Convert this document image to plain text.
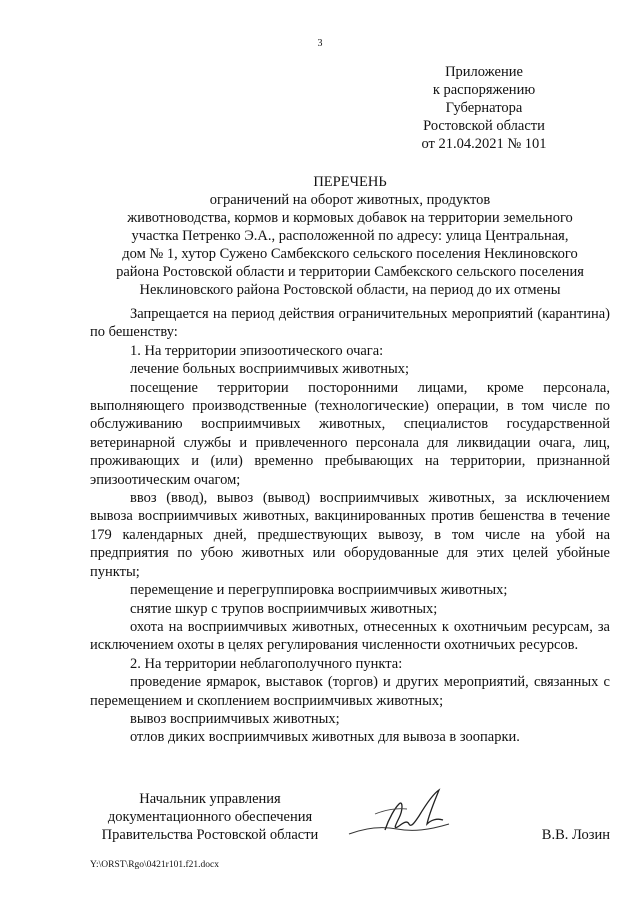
3
Приложение
к распоряжению
Губернатора
Ростовской области
от 21.04.2021 № 101
ПЕРЕЧЕНЬ
ограничений на оборот животных, продуктов
животноводства, кормов и кормовых добавок на территории земельного
участка Петренко Э.А., расположенной по адресу: улица Центральная,
дом № 1, хутор Сужено Самбекского сельского поселения Неклиновского
района Ростовской области и территории Самбекского сельского поселения
Неклиновского района Ростовской области, на период до их отмены

Запрещается на период действия ограничительных мероприятий (карантина) по бешенству:

1. На территории эпизоотического очага:

лечение больных восприимчивых животных;

посещение территории посторонними лицами, кроме персонала, выполняющего производственные (технологические) операции, в том числе по обслуживанию восприимчивых животных, специалистов государственной ветеринарной службы и привлеченного персонала для ликвидации очага, лиц, проживающих и (или) временно пребывающих на территории, признанной эпизоотическим очагом;

ввоз (ввод), вывоз (вывод) восприимчивых животных, за исключением вывоза восприимчивых животных, вакцинированных против бешенства в течение 179 календарных дней, предшествующих вывозу, в том числе на убой на предприятия по убою животных или оборудованные для этих целей убойные пункты;

перемещение и перегруппировка восприимчивых животных;

снятие шкур с трупов восприимчивых животных;

охота на восприимчивых животных, отнесенных к охотничьим ресурсам, за исключением охоты в целях регулирования численности охотничьих ресурсов.

2. На территории неблагополучного пункта:

проведение ярмарок, выставок (торгов) и других мероприятий, связанных с перемещением и скоплением восприимчивых животных;

вывоз восприимчивых животных;

отлов диких восприимчивых животных для вывоза в зоопарки.

Начальник управления
документационного обеспечения
Правительства Ростовской области	В.В. Лозин
Y:\ORST\Rgo\0421r101.f21.docx
